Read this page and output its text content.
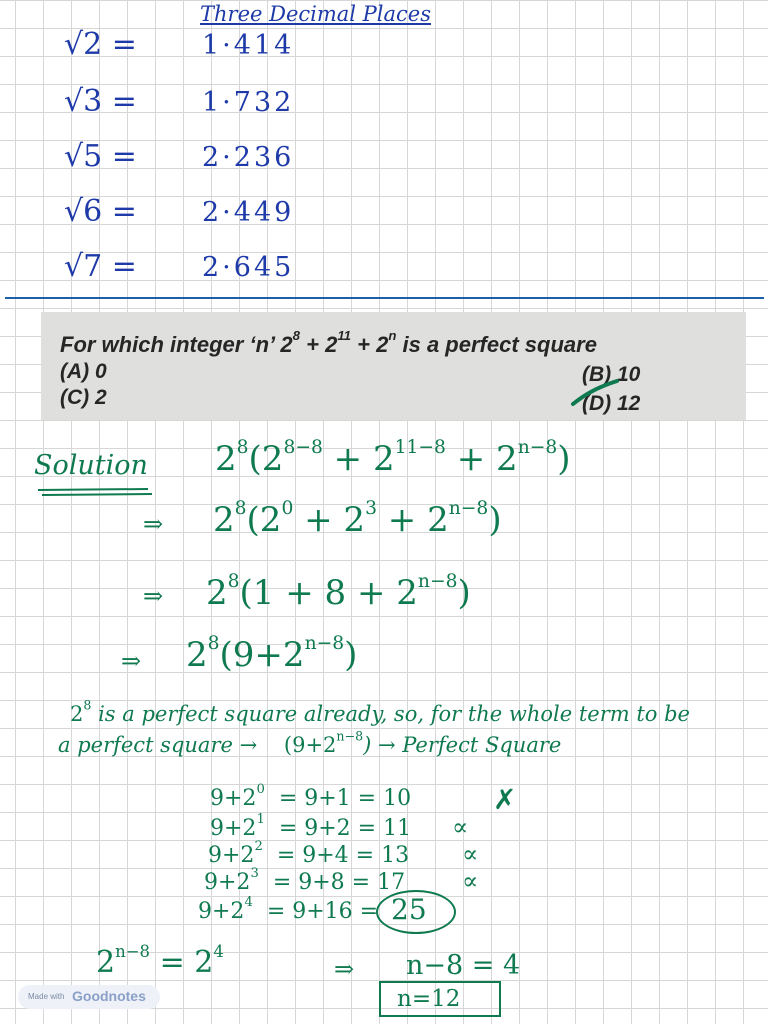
Three Decimal Places
√2 = 1·414
√3 = 1·732
√5 = 2·236
√6 = 2·449
√7 = 2·645
For which integer ‘n’ $2^8 + 2^{11} + 2^n$ is a perfect square
(A) 0	(B) 10
(C) 2	(D) 12
Solution $2^8(2^{8-8} + 2^{11-8} + 2^{n-8})$
⇒ $2^8(2^0 + 2^3 + 2^{n-8})$
⇒ $2^8(1 + 8 + 2^{n-8})$
⇒ $2^8(9+2^{n-8})$
$2^8$ is a perfect square already, so, for the whole term to be
a perfect square → $(9+2^{n-8})$ → Perfect Square
$9+2^0 = 9+1 = 10$	✗
$9+2^1 = 9+2 = 11$ ∝
$9+2^2 = 9+4 = 13$ ∝
$9+2^3 = 9+8 = 17$ ∝
$9+2^4 = 9+16 = 25$
$2^{n-8} = 2^4$
⇒ n−8 = 4
n=12
Made with Goodnotes
